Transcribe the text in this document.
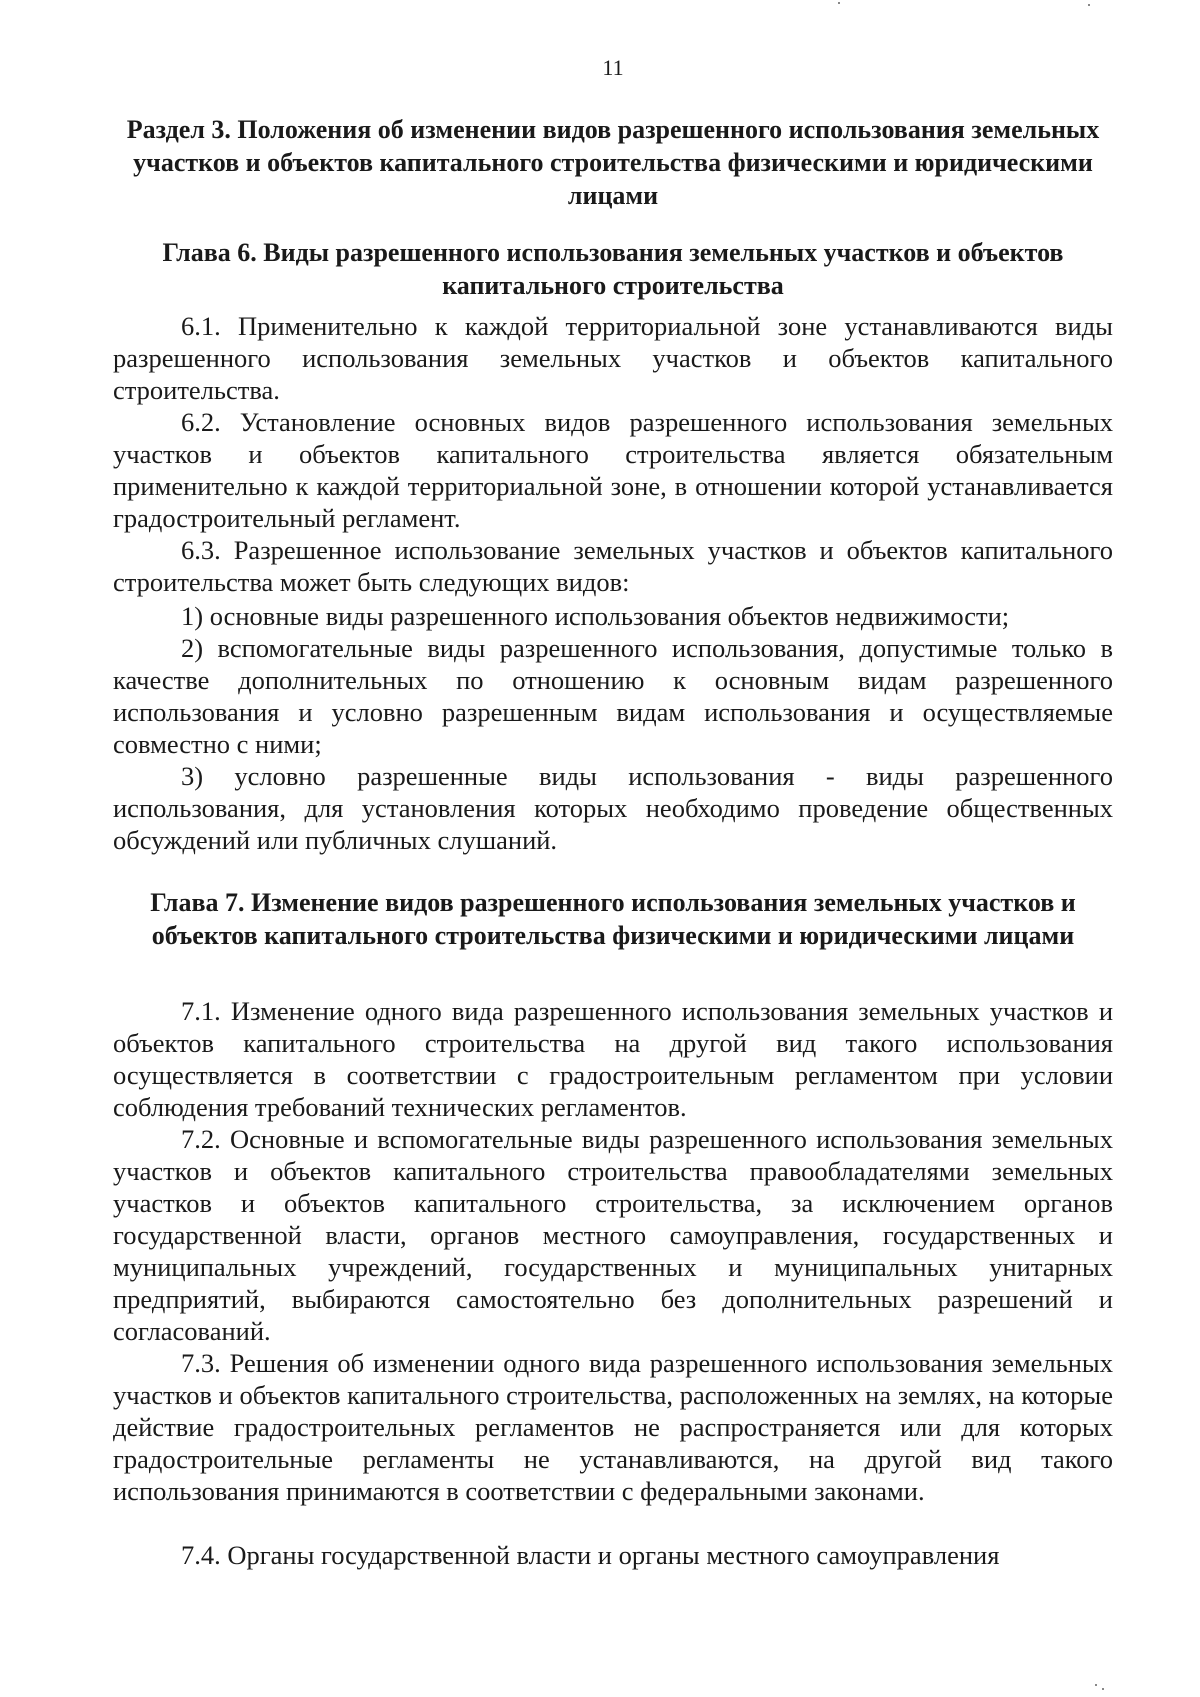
11
Раздел 3. Положения об изменении видов разрешенного использования земельных участков и объектов капитального строительства физическими и юридическими лицами
Глава 6. Виды разрешенного использования земельных участков и объектов капитального строительства

6.1. Применительно к каждой территориальной зоне устанавливаются виды разрешенного использования земельных участков и объектов капитального строительства.

6.2. Установление основных видов разрешенного использования земельных участков и объектов капитального строительства является обязательным применительно к каждой территориальной зоне, в отношении которой устанавливается градостроительный регламент.

6.3. Разрешенное использование земельных участков и объектов капитального строительства может быть следующих видов:

1) основные виды разрешенного использования объектов недвижимости;

2) вспомогательные виды разрешенного использования, допустимые только в качестве дополнительных по отношению к основным видам разрешенного использования и условно разрешенным видам использования и осуществляемые совместно с ними;

3) условно разрешенные виды использования - виды разрешенного использования, для установления которых необходимо проведение общественных обсуждений или публичных слушаний.

Глава 7. Изменение видов разрешенного использования земельных участков и объектов капитального строительства физическими и юридическими лицами

7.1. Изменение одного вида разрешенного использования земельных участков и объектов капитального строительства на другой вид такого использования осуществляется в соответствии с градостроительным регламентом при условии соблюдения требований технических регламентов.

7.2. Основные и вспомогательные виды разрешенного использования земельных участков и объектов капитального строительства правообладателями земельных участков и объектов капитального строительства, за исключением органов государственной власти, органов местного самоуправления, государственных и муниципальных учреждений, государственных и муниципальных унитарных предприятий, выбираются самостоятельно без дополнительных разрешений и согласований.

7.3. Решения об изменении одного вида разрешенного использования земельных участков и объектов капитального строительства, расположенных на землях, на которые действие градостроительных регламентов не распространяется или для которых градостроительные регламенты не устанавливаются, на другой вид такого использования принимаются в соответствии с федеральными законами.

7.4. Органы государственной власти и органы местного самоуправления
